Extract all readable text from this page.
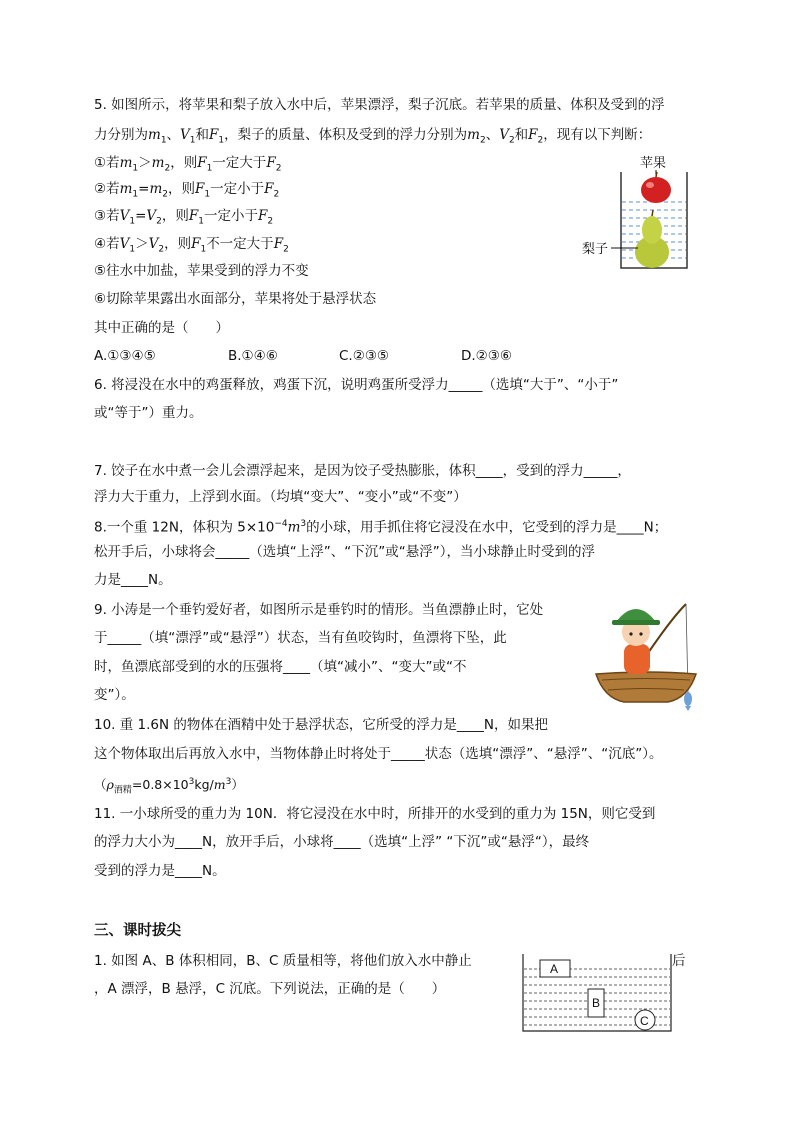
5. 如图所示，将苹果和梨子放入水中后，苹果漂浮，梨子沉底。若苹果的质量、体积及受到的浮
力分别为$m_1$、$V_1$和$F_1$，梨子的质量、体积及受到的浮力分别为$m_2$、$V_2$和$F_2$，现有以下判断：
①若$m_1>m_2$，则$F_1$一定大于$F_2$
②若$m_1=m_2$，则$F_1$一定小于$F_2$
③若$V_1=V_2$，则$F_1$一定小于$F_2$
④若$V_1>V_2$，则$F_1$不一定大于$F_2$
⑤往水中加盐，苹果受到的浮力不变
⑥切除苹果露出水面部分，苹果将处于悬浮状态
其中正确的是（　　）
A.①③④⑤	B.①④⑥	C.②③⑤	D.②③⑥
苹果
梨子
6. 将浸没在水中的鸡蛋释放，鸡蛋下沉，说明鸡蛋所受浮力_____（选填“大于”、“小于”
或“等于”）重力。
7. 饺子在水中煮一会儿会漂浮起来，是因为饺子受热膨胀，体积____，受到的浮力_____，
浮力大于重力，上浮到水面。（均填“变大”、“变小”或“不变”）
8.一个重 12N，体积为 $5\times 10^{-4}m^3$的小球，用手抓住将它浸没在水中，它受到的浮力是____N；
松开手后，小球将会_____（选填“上浮”、“下沉”或“悬浮”），当小球静止时受到的浮
力是____N。
9. 小涛是一个垂钓爱好者，如图所示是垂钓时的情形。当鱼漂静止时，它处
于_____（填“漂浮”或“悬浮”）状态，当有鱼咬钩时，鱼漂将下坠，此
时，鱼漂底部受到的水的压强将____（填“减小”、“变大”或“不
变”）。
10. 重 1.6N 的物体在酒精中处于悬浮状态，它所受的浮力是____N，如果把
这个物体取出后再放入水中，当物体静止时将处于_____状态（选填“漂浮”、“悬浮”、“沉底”）。
$(\rho_{酒精}=0.8\times 10^3kg/m^3)$
11. 一小球所受的重力为 10N．将它浸没在水中时，所排开的水受到的重力为 15N，则它受到
的浮力大小为____N，放开手后，小球将____（选填“上浮” “下沉”或“悬浮“），最终
受到的浮力是____N。
三、课时拔尖
1. 如图 A、B 体积相同，B、C 质量相等，将他们放入水中静止	后
，A 漂浮，B 悬浮，C 沉底。下列说法，正确的是（　　）
A
B
C
